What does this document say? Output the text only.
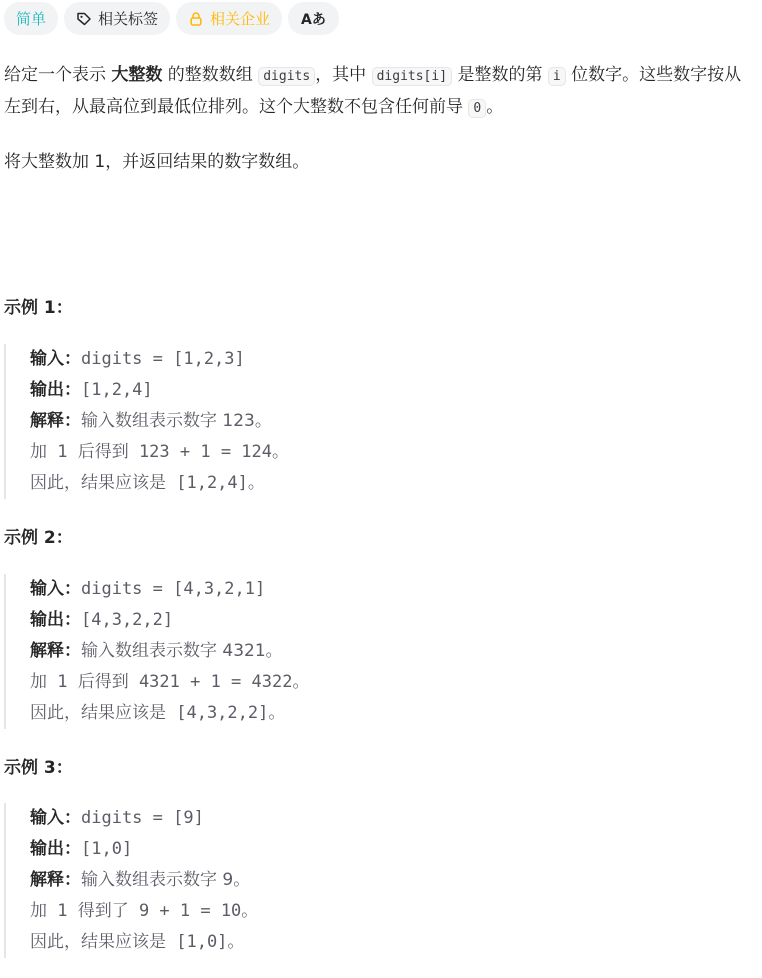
简单	相关标签	相关企业 Aあ

给定一个表示 大整数 的整数数组 digits ，其中 digits[i] 是整数的第 i 位数字。这些数字按从左到右，从最高位到最低位排列。这个大整数不包含任何前导 0 。

将大整数加 1，并返回结果的数字数组。

示例 1：
输入：digits = [1,2,3]
输出：[1,2,4]
解释：输入数组表示数字 123。
加 1 后得到 123 + 1 = 124。
因此，结果应该是 [1,2,4]。
示例 2：
输入：digits = [4,3,2,1]
输出：[4,3,2,2]
解释：输入数组表示数字 4321。
加 1 后得到 4321 + 1 = 4322。
因此，结果应该是 [4,3,2,2]。
示例 3：
输入：digits = [9]
输出：[1,0]
解释：输入数组表示数字 9。
加 1 得到了 9 + 1 = 10。
因此，结果应该是 [1,0]。
